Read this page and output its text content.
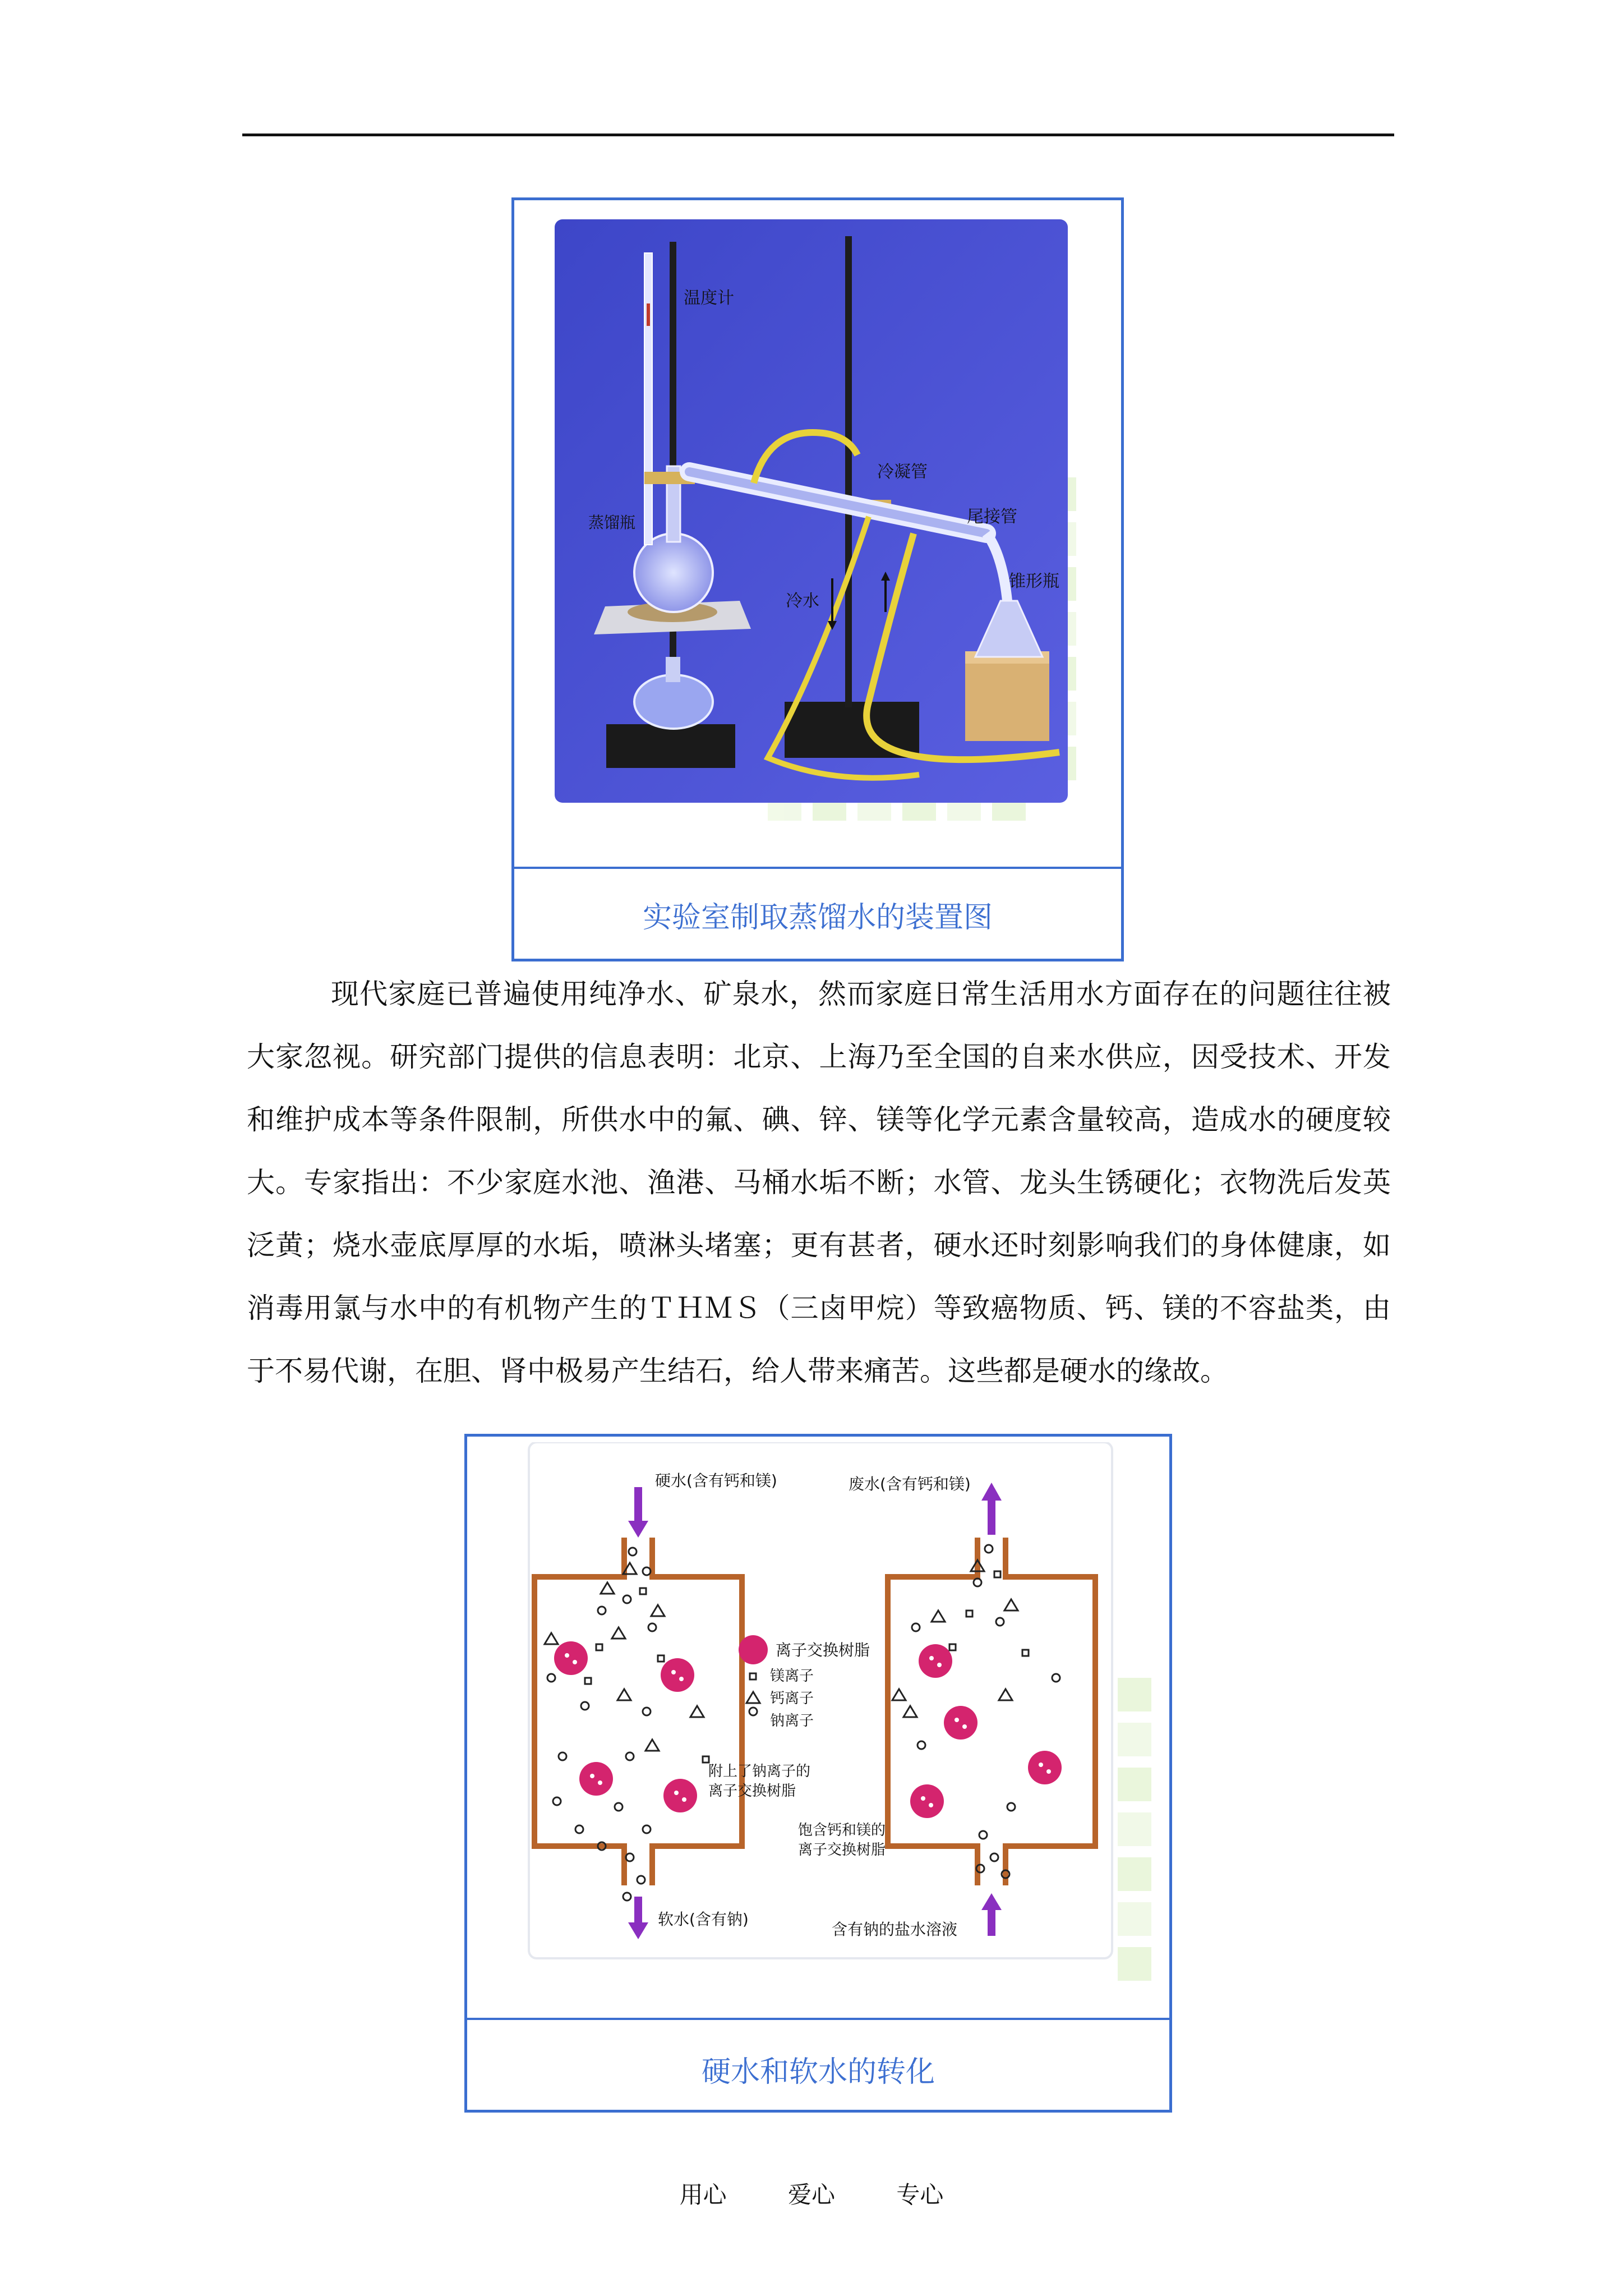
温度计
蒸馏瓶
冷凝管
尾接管
冷水
锥形瓶
实验室制取蒸馏水的装置图
现代家庭已普遍使用纯净水、矿泉水，然而家庭日常生活用水方面存在的问题往往被
大家忽视。研究部门提供的信息表明：北京、上海乃至全国的自来水供应，因受技术、开发
和维护成本等条件限制，所供水中的氟、碘、锌、镁等化学元素含量较高，造成水的硬度较
大。专家指出：不少家庭水池、渔港、马桶水垢不断；水管、龙头生锈硬化；衣物洗后发英
泛黄；烧水壶底厚厚的水垢，喷淋头堵塞；更有甚者，硬水还时刻影响我们的身体健康，如
消毒用氯与水中的有机物产生的ＴＨＭＳ（三卤甲烷）等致癌物质、钙、镁的不容盐类，由
于不易代谢，在胆、肾中极易产生结石，给人带来痛苦。这些都是硬水的缘故。
硬水(含有钙和镁)	废水(含有钙和镁)
离子交换树脂
镁离子
钙离子
钠离子
附上了钠离子的
离子交换树脂
饱含钙和镁的
离子交换树脂
软水(含有钠)
含有钠的盐水溶液
硬水和软水的转化
用心	爱心	专心
